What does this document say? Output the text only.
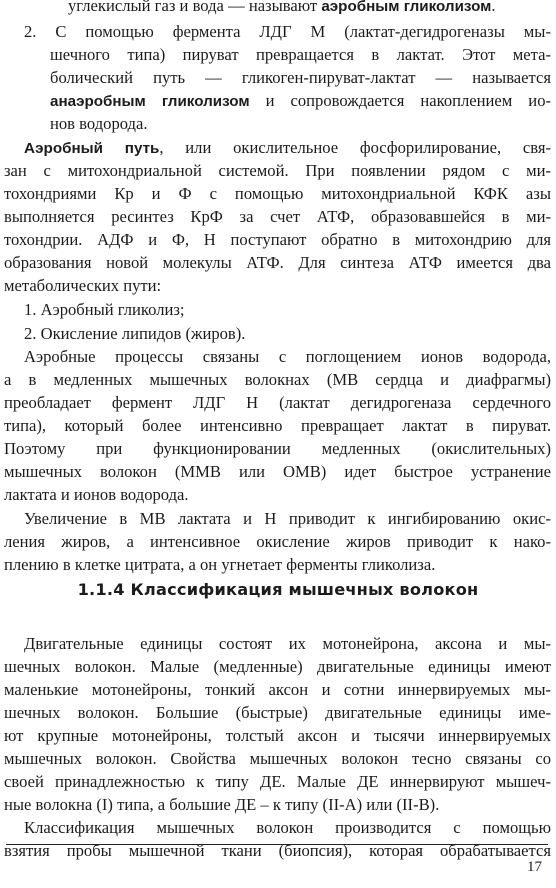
углекислый газ и вода — называют аэробным гликолизом.
2. С помощью фермента ЛДГ М (лактат-дегидрогеназы мы-
шечного типа) пируват превращается в лактат. Этот мета-
болический путь — гликоген-пируват-лактат — называется
анаэробным гликолизом и сопровождается накоплением ио-
нов водорода.
Аэробный путь, или окислительное фосфорилирование, свя-
зан с митохондриальной системой. При появлении рядом с ми-
тохондриями Кр и Ф с помощью митохондриальной КФК азы
выполняется ресинтез КрФ за счет АТФ, образовавшейся в ми-
тохондрии. АДФ и Ф, Н поступают обратно в митохондрию для
образования новой молекулы АТФ. Для синтеза АТФ имеется два
метаболических пути:
1. Аэробный гликолиз;
2. Окисление липидов (жиров).
Аэробные процессы связаны с поглощением ионов водорода,
а в медленных мышечных волокнах (МВ сердца и диафрагмы)
преобладает фермент ЛДГ Н (лактат дегидрогеназа сердечного
типа), который более интенсивно превращает лактат в пируват.
Поэтому при функционировании медленных (окислительных)
мышечных волокон (ММВ или ОМВ) идет быстрое устранение
лактата и ионов водорода.
Увеличение в МВ лактата и Н приводит к ингибированию окис-
ления жиров, а интенсивное окисление жиров приводит к нако-
плению в клетке цитрата, а он угнетает ферменты гликолиза.
1.1.4 Классификация мышечных волокон
Двигательные единицы состоят их мотонейрона, аксона и мы-
шечных волокон. Малые (медленные) двигательные единицы имеют
маленькие мотонейроны, тонкий аксон и сотни иннервируемых мы-
шечных волокон. Большие (быстрые) двигательные единицы име-
ют крупные мотонейроны, толстый аксон и тысячи иннервируемых
мышечных волокон. Свойства мышечных волокон тесно связаны со
своей принадлежностью к типу ДЕ. Малые ДЕ иннервируют мышеч-
ные волокна (I) типа, а большие ДЕ – к типу (II-А) или (II-В).
Классификация мышечных волокон производится с помощью
взятия пробы мышечной ткани (биопсия), которая обрабатывается
17
